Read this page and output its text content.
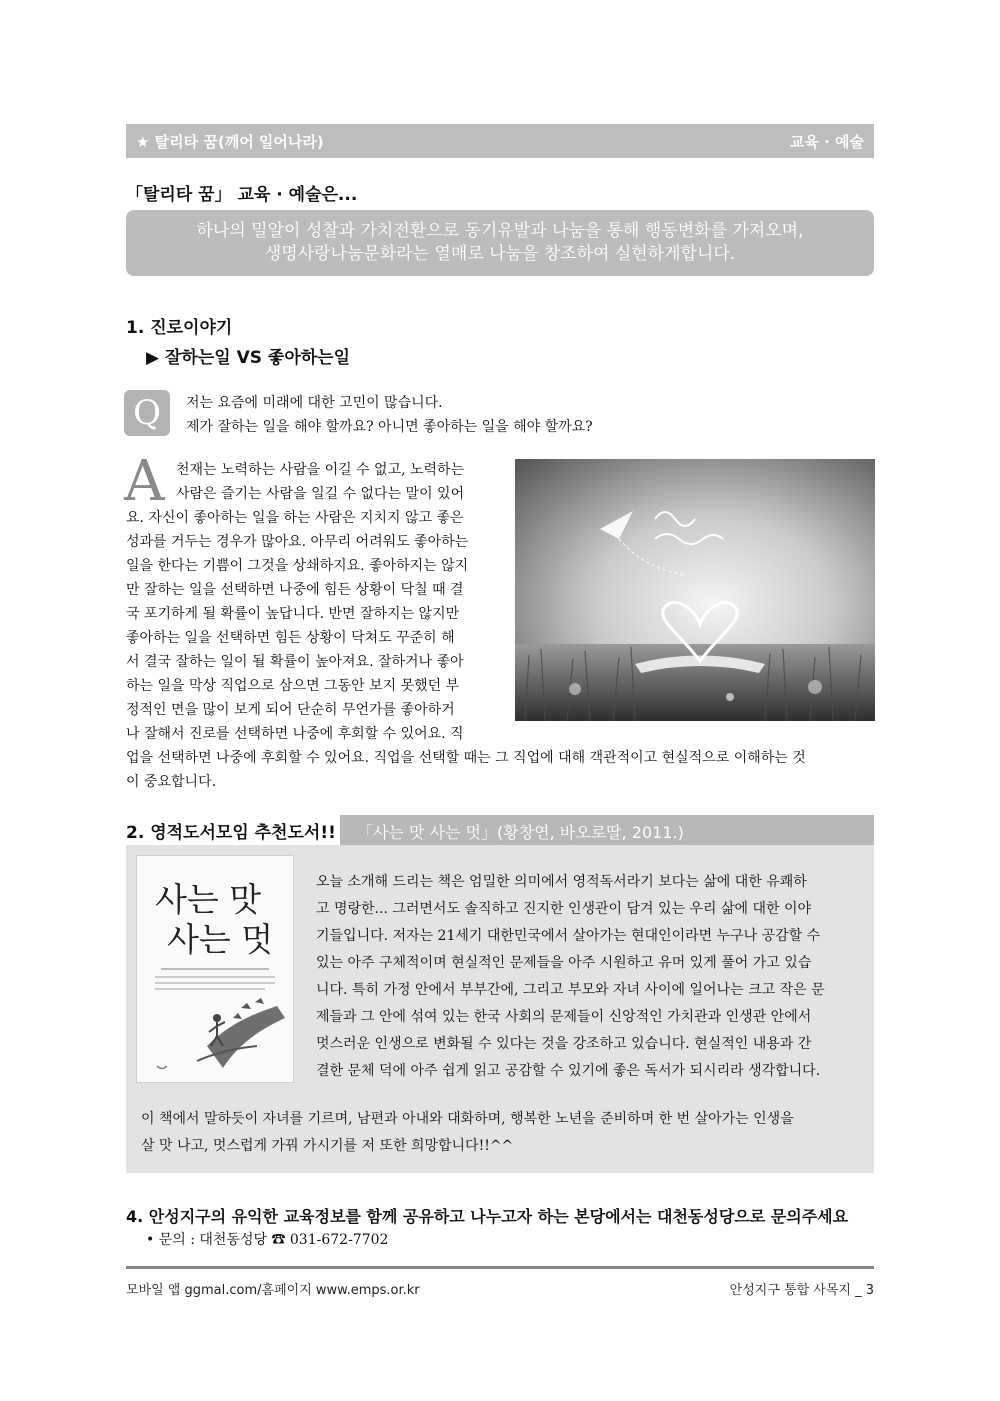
★ 탈리타 꿈(깨어 일어나라)	교육 · 예술
「탈리타 꿈」 교육 · 예술은...
하나의 밀알이 성찰과 가치전환으로 동기유발과 나눔을 통해 행동변화를 가져오며,
생명사랑나눔문화라는 열매로 나눔을 창조하여 실현하게합니다.
1. 진로이야기
▶ 잘하는일 VS 좋아하는일
Q	저는 요즘에 미래에 대한 고민이 많습니다.
제가 잘하는 일을 해야 할까요? 아니면 좋아하는 일을 해야 할까요?
A 천재는 노력하는 사람을 이길 수 없고, 노력하는
사람은 즐기는 사람을 일길 수 없다는 말이 있어
요. 자신이 좋아하는 일을 하는 사람은 지치지 않고 좋은
성과를 거두는 경우가 많아요. 아무리 어려워도 좋아하는
일을 한다는 기쁨이 그것을 상쇄하지요. 좋아하지는 않지
만 잘하는 일을 선택하면 나중에 힘든 상황이 닥칠 때 결
국 포기하게 될 확률이 높답니다. 반면 잘하지는 않지만
좋아하는 일을 선택하면 힘든 상황이 닥쳐도 꾸준히 해
서 결국 잘하는 일이 될 확률이 높아져요. 잘하거나 좋아
하는 일을 막상 직업으로 삼으면 그동안 보지 못했던 부
정적인 면을 많이 보게 되어 단순히 무언가를 좋아하거
나 잘해서 진로를 선택하면 나중에 후회할 수 있어요. 직
업을 선택하면 나중에 후회할 수 있어요. 직업을 선택할 때는 그 직업에 대해 객관적이고 현실적으로 이해하는 것
이 중요합니다.
2. 영적도서모임 추천도서!! 「사는 맛 사는 멋」(황창연, 바오로딸, 2011.)
사는 맛
사는 멋
오늘 소개해 드리는 책은 엄밀한 의미에서 영적독서라기 보다는 삶에 대한 유쾌하
고 명랑한... 그러면서도 솔직하고 진지한 인생관이 담겨 있는 우리 삶에 대한 이야
기들입니다. 저자는 21세기 대한민국에서 살아가는 현대인이라면 누구나 공감할 수
있는 아주 구체적이며 현실적인 문제들을 아주 시원하고 유머 있게 풀어 가고 있습
니다. 특히 가정 안에서 부부간에, 그리고 부모와 자녀 사이에 일어나는 크고 작은 문
제들과 그 안에 섞여 있는 한국 사회의 문제들이 신앙적인 가치관과 인생관 안에서
멋스러운 인생으로 변화될 수 있다는 것을 강조하고 있습니다. 현실적인 내용과 간
결한 문체 덕에 아주 쉽게 읽고 공감할 수 있기에 좋은 독서가 되시리라 생각합니다.
이 책에서 말하듯이 자녀를 기르며, 남편과 아내와 대화하며, 행복한 노년을 준비하며 한 번 살아가는 인생을
살 맛 나고, 멋스럽게 가꿔 가시기를 저 또한 희망합니다!!^^
4. 안성지구의 유익한 교육정보를 함께 공유하고 나누고자 하는 본당에서는 대천동성당으로 문의주세요
• 문의 : 대천동성당 ☎ 031-672-7702
모바일 앱 ggmal.com/홈페이지 www.emps.or.kr	안성지구 통합 사목지 _ 3
